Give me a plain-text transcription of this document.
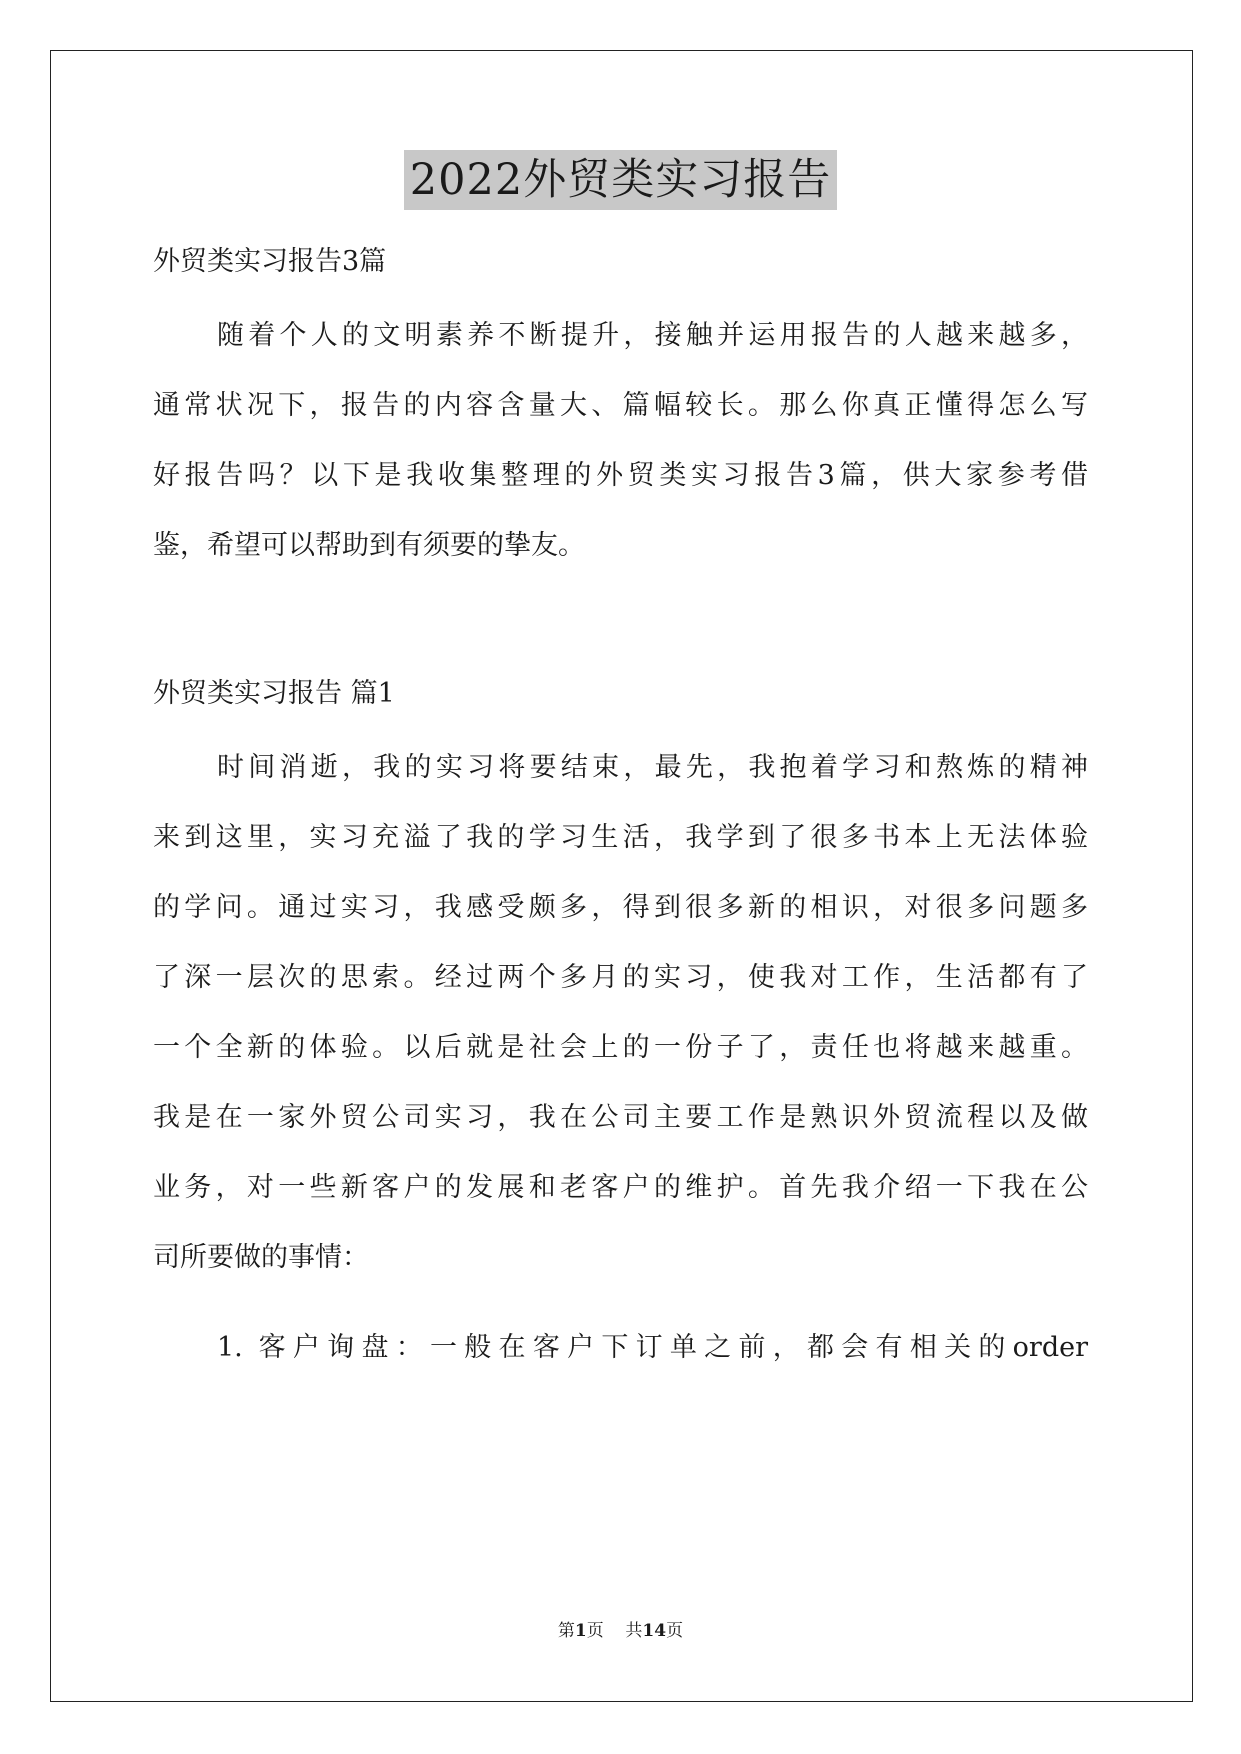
2022外贸类实习报告
外贸类实习报告3篇
随着个人的文明素养不断提升，接触并运用报告的人越来越多，
通常状况下，报告的内容含量大、篇幅较长。那么你真正懂得怎么写
好报告吗？以下是我收集整理的外贸类实习报告3篇，供大家参考借
鉴，希望可以帮助到有须要的挚友。
外贸类实习报告 篇1
时间消逝，我的实习将要结束，最先，我抱着学习和熬炼的精神
来到这里，实习充溢了我的学习生活，我学到了很多书本上无法体验
的学问。通过实习，我感受颇多，得到很多新的相识，对很多问题多
了深一层次的思索。经过两个多月的实习，使我对工作，生活都有了
一个全新的体验。以后就是社会上的一份子了，责任也将越来越重。
我是在一家外贸公司实习，我在公司主要工作是熟识外贸流程以及做
业务，对一些新客户的发展和老客户的维护。首先我介绍一下我在公
司所要做的事情：
1. 客户询盘：一般在客户下订单之前，都会有相关的order
第1页 共14页
